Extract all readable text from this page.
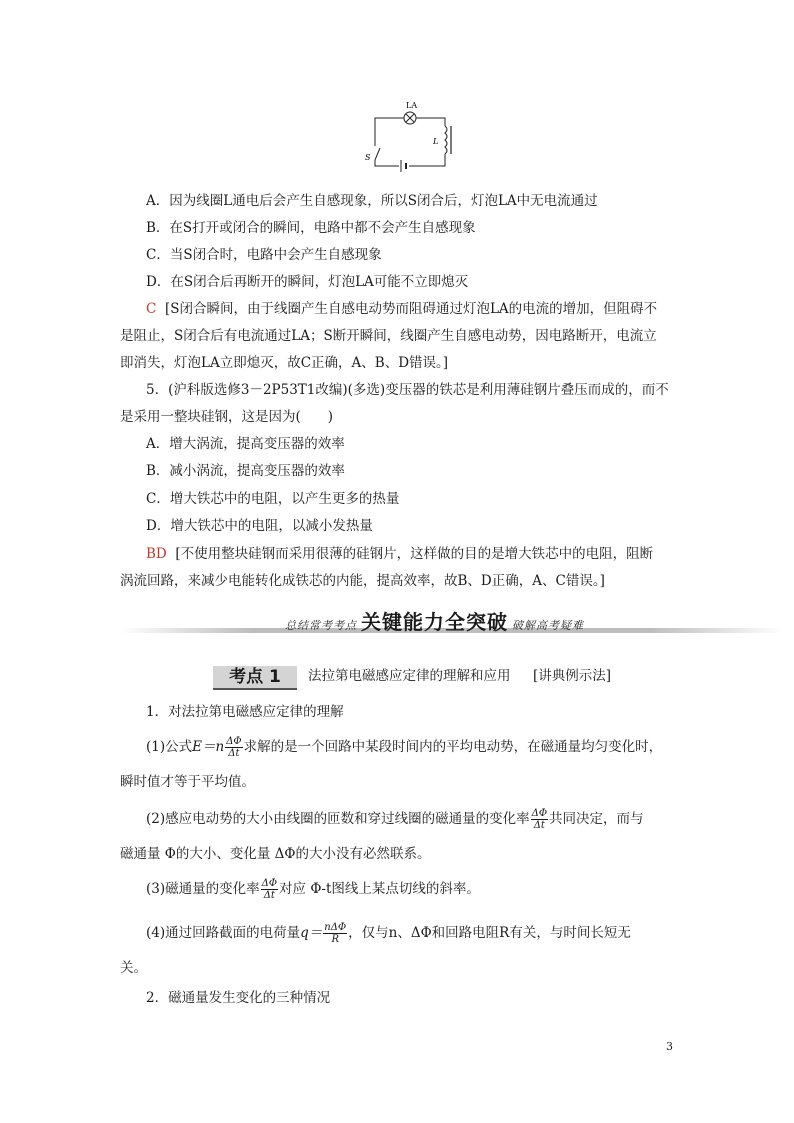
LA
L
S
A．因为线圈L通电后会产生自感现象，所以S闭合后，灯泡LA中无电流通过
B．在S打开或闭合的瞬间，电路中都不会产生自感现象
C．当S闭合时，电路中会产生自感现象
D．在S闭合后再断开的瞬间，灯泡LA可能不立即熄灭
C [S闭合瞬间，由于线圈产生自感电动势而阻碍通过灯泡LA的电流的增加，但阻碍不
是阻止，S闭合后有电流通过LA；S断开瞬间，线圈产生自感电动势，因电路断开，电流立
即消失，灯泡LA立即熄灭，故C正确，A、B、D错误。]
5．(沪科版选修3－2P53T1改编)(多选)变压器的铁芯是利用薄硅钢片叠压而成的，而不
是采用一整块硅钢，这是因为(　　)
A．增大涡流，提高变压器的效率
B．减小涡流，提高变压器的效率
C．增大铁芯中的电阻，以产生更多的热量
D．增大铁芯中的电阻，以减小发热量
BD [不使用整块硅钢而采用很薄的硅钢片，这样做的目的是增大铁芯中的电阻，阻断
涡流回路，来减少电能转化成铁芯的内能，提高效率，故B、D正确，A、C错误。]
总结常考考点 关键能力全突破 破解高考疑难
考点 1	法拉第电磁感应定律的理解和应用 [讲典例示法]
1．对法拉第电磁感应定律的理解
(1)公式$E=n \frac{\Delta\Phi}{\Delta t}$ 求解的是一个回路中某段时间内的平均电动势，在磁通量均匀变化时，
瞬时值才等于平均值。
(2)感应电动势的大小由线圈的匝数和穿过线圈的磁通量的变化率 $\frac{\Delta\Phi}{\Delta t}$ 共同决定，而与
磁通量 Φ的大小、变化量 ΔΦ的大小没有必然联系。
(3)磁通量的变化率 $\frac{\Delta\Phi}{\Delta t}$ 对应 Φ-t图线上某点切线的斜率。
(4)通过回路截面的电荷量$q= \frac{\text{nΔΦ}}{R}$ ，仅与n、ΔΦ和回路电阻R有关，与时间长短无
关。
2．磁通量发生变化的三种情况
3
